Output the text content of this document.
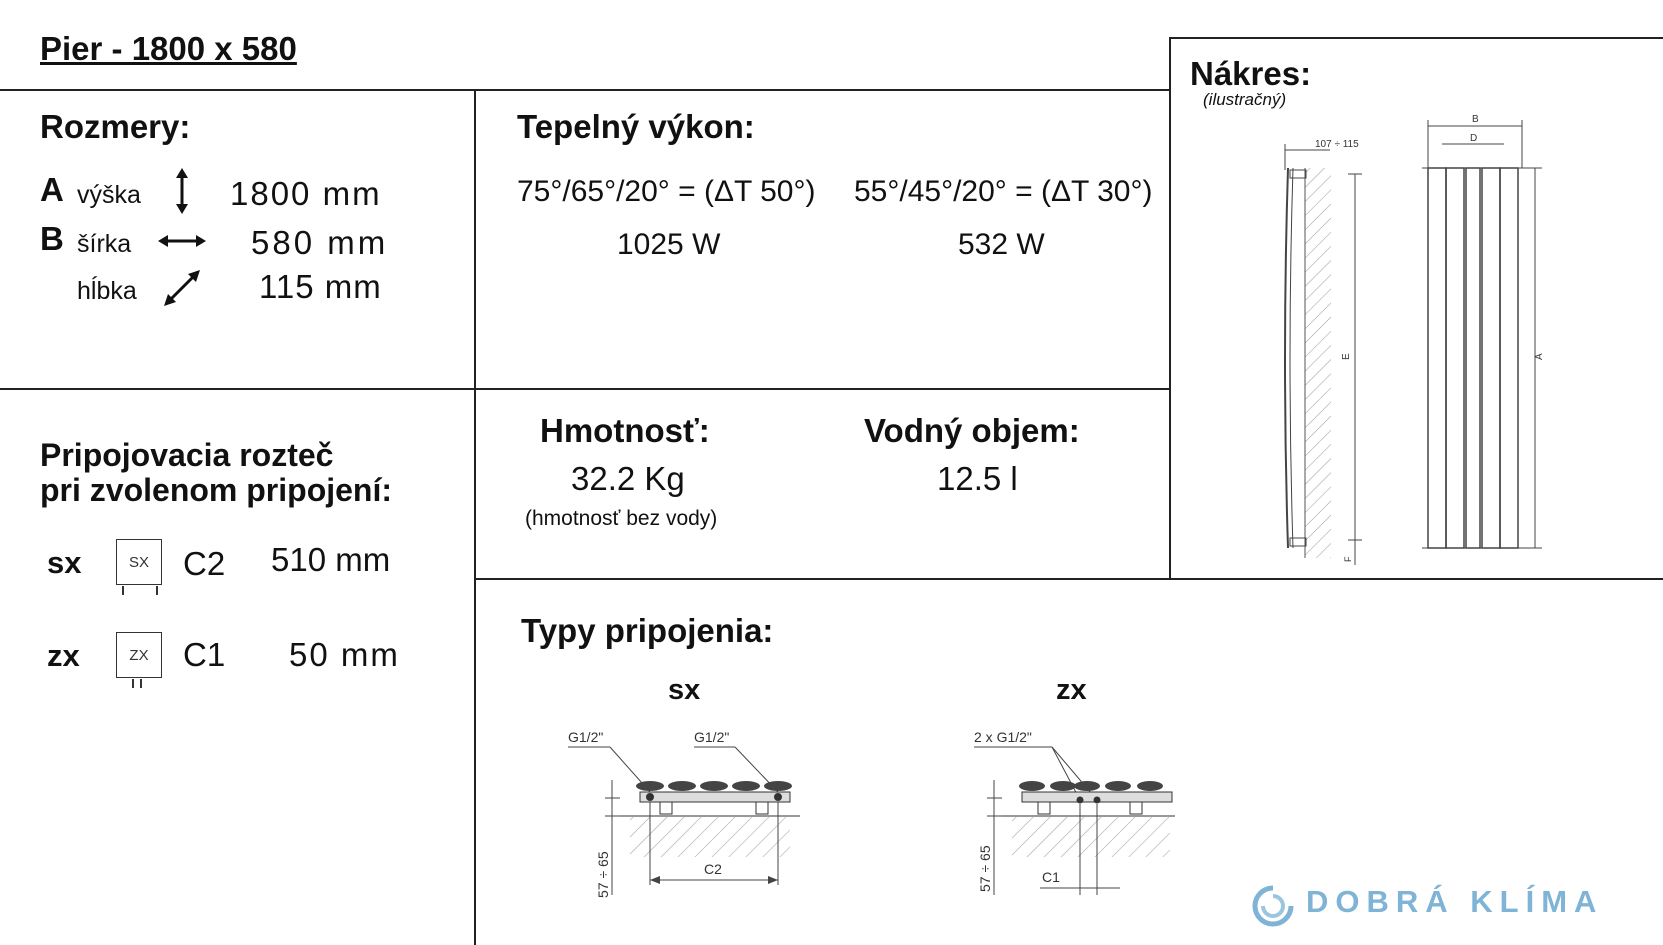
Pier - 1800 x 580
Rozmery:
A výška	1800 mm
B šírka	580 mm
hĺbka	115 mm
Tepelný výkon:
75°/65°/20° = (ΔT 50°)
1025 W
55°/45°/20° = (ΔT 30°)
532 W
Hmotnosť:
32.2 Kg
(hmotnosť bez vody)
Vodný objem:
12.5 l
Nákres:
(ilustračný)
107 ÷ 115
E
F
B
D
A
Pripojovacia rozteč
pri zvolenom pripojení:
sx	SX C2 510 mm
zx	ZX C1 50 mm
Typy pripojenia:
sx	zx
G1/2"	G1/2"
57 ÷ 65	C2
2 x G1/2"
57 ÷ 65	C1
DOBRÁ KLÍMA
